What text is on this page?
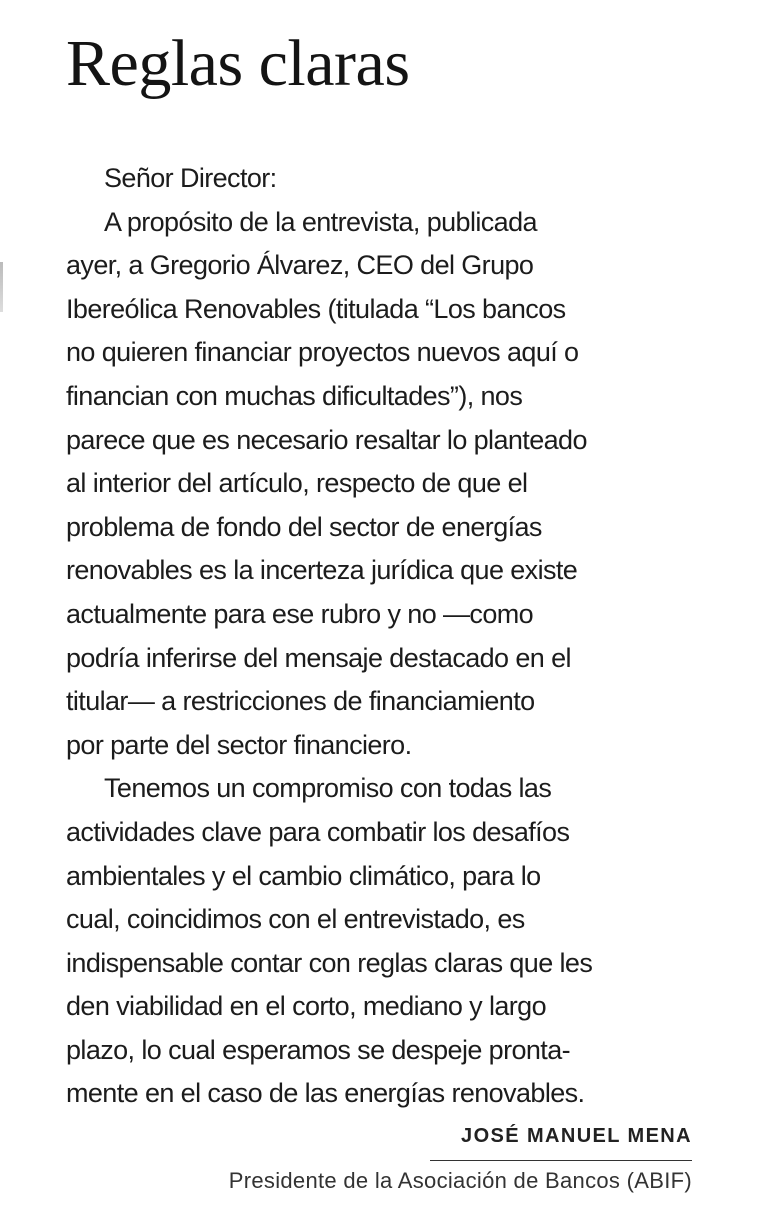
Reglas claras
Señor Director:
A propósito de la entrevista, publicada
ayer, a Gregorio Álvarez, CEO del Grupo
Ibereólica Renovables (titulada “Los bancos
no quieren financiar proyectos nuevos aquí o
financian con muchas dificultades”), nos
parece que es necesario resaltar lo planteado
al interior del artículo, respecto de que el
problema de fondo del sector de energías
renovables es la incerteza jurídica que existe
actualmente para ese rubro y no —como
podría inferirse del mensaje destacado en el
titular— a restricciones de financiamiento
por parte del sector financiero.
Tenemos un compromiso con todas las
actividades clave para combatir los desafíos
ambientales y el cambio climático, para lo
cual, coincidimos con el entrevistado, es
indispensable contar con reglas claras que les
den viabilidad en el corto, mediano y largo
plazo, lo cual esperamos se despeje pronta-
mente en el caso de las energías renovables.
JOSÉ MANUEL MENA
Presidente de la Asociación de Bancos (ABIF)
